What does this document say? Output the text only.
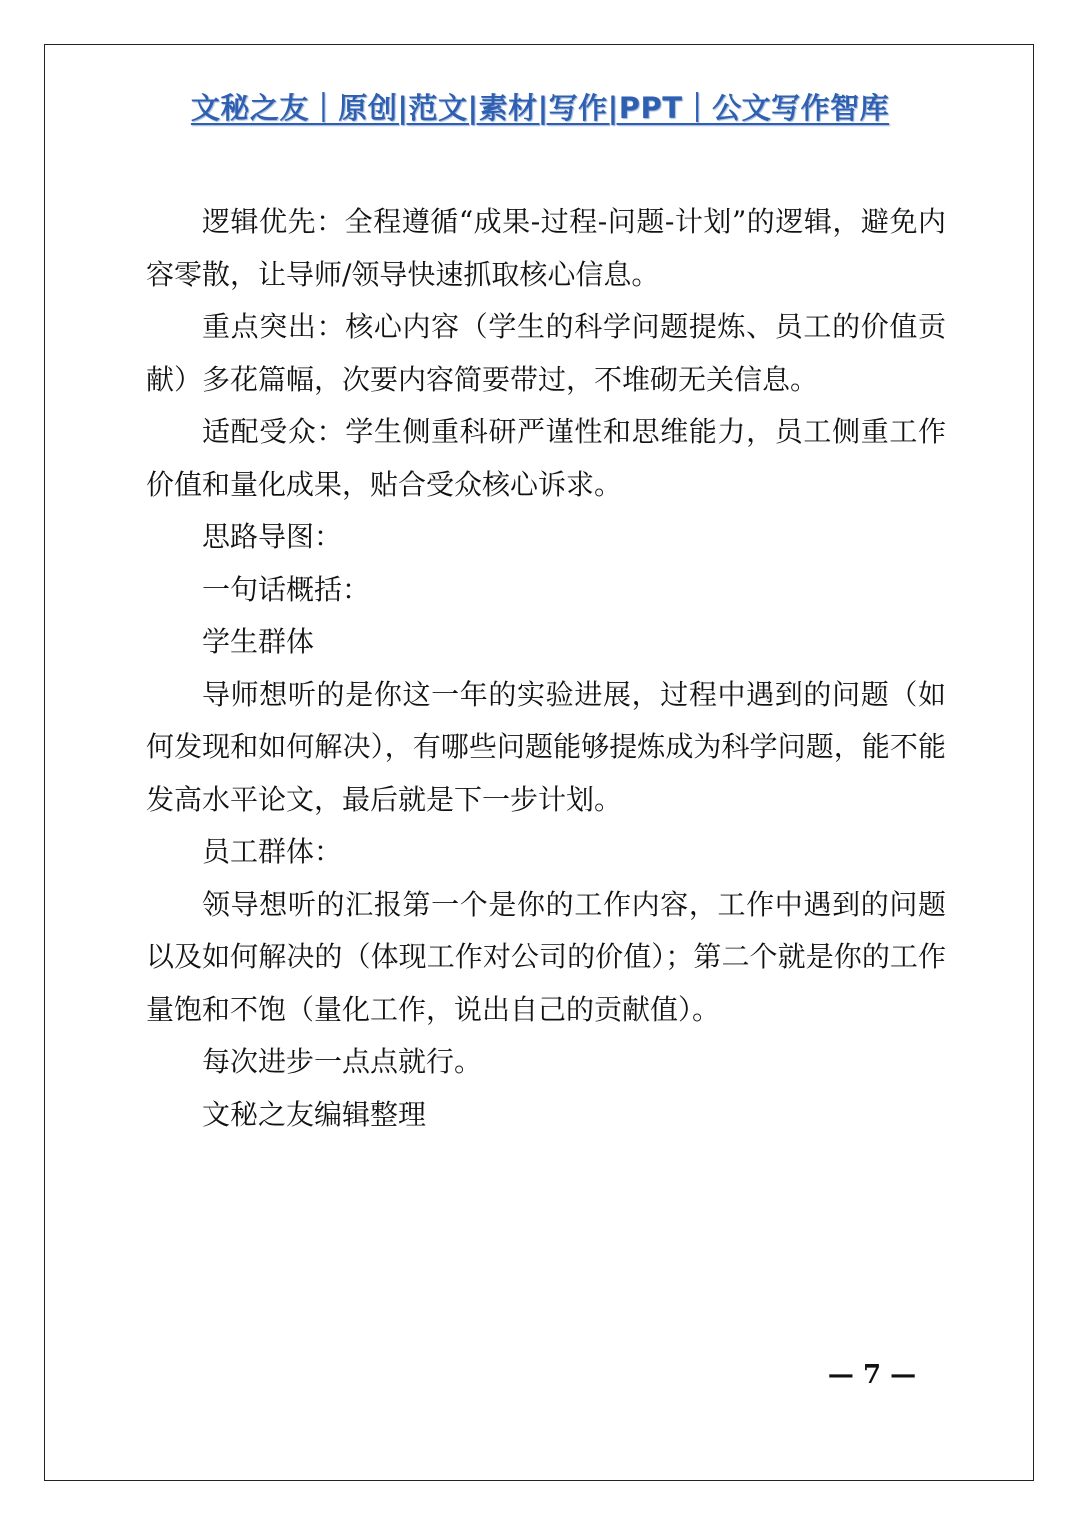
文秘之友｜原创|范文|素材|写作|PPT｜公文写作智库

逻辑优先：全程遵循“成果-过程-问题-计划”的逻辑，避免内容零散，让导师/领导快速抓取核心信息。

重点突出：核心内容（学生的科学问题提炼、员工的价值贡献）多花篇幅，次要内容简要带过，不堆砌无关信息。

适配受众：学生侧重科研严谨性和思维能力，员工侧重工作价值和量化成果，贴合受众核心诉求。

思路导图：

一句话概括：

学生群体

导师想听的是你这一年的实验进展，过程中遇到的问题（如何发现和如何解决），有哪些问题能够提炼成为科学问题，能不能发高水平论文，最后就是下一步计划。

员工群体：

领导想听的汇报第一个是你的工作内容，工作中遇到的问题以及如何解决的（体现工作对公司的价值）；第二个就是你的工作量饱和不饱（量化工作，说出自己的贡献值）。

每次进步一点点就行。

文秘之友编辑整理

— 7 —
